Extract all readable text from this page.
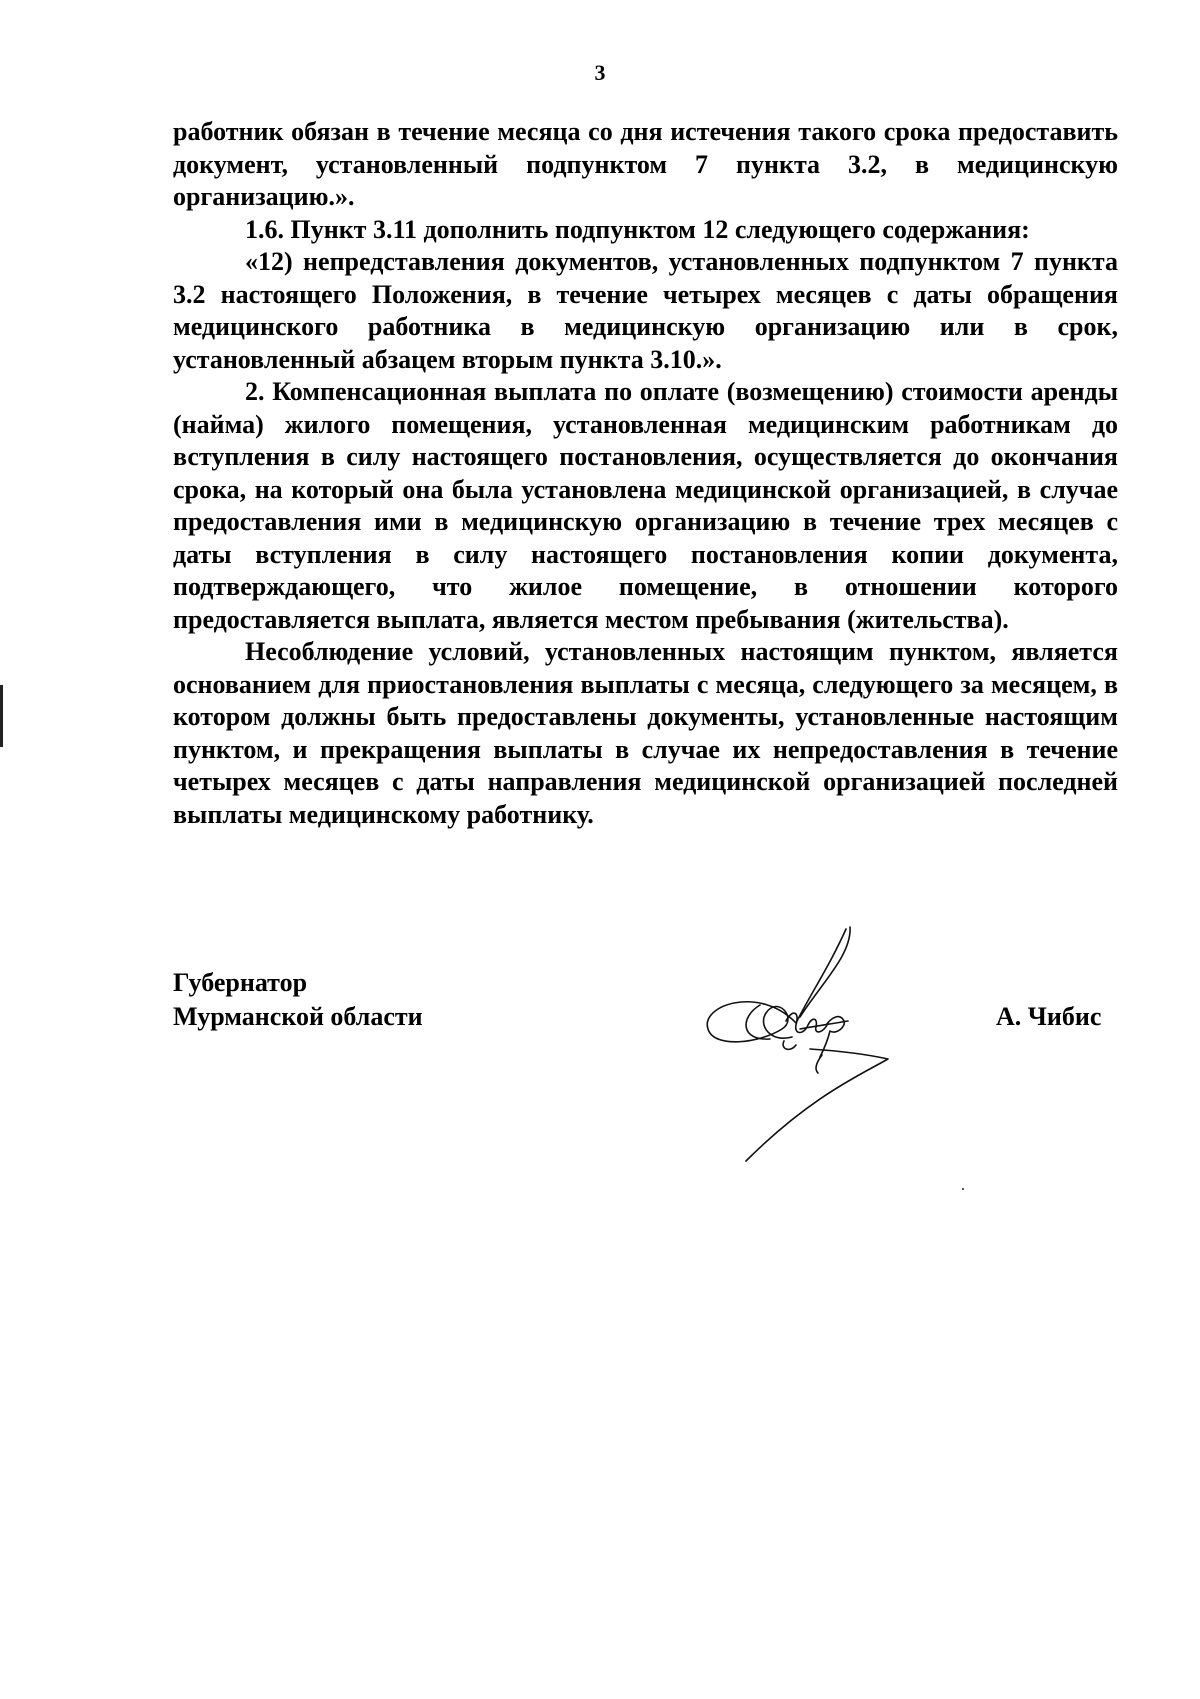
3

работник обязан в течение месяца со дня истечения такого срока предоставить документ, установленный подпунктом 7 пункта 3.2, в медицинскую организацию.».

1.6. Пункт 3.11 дополнить подпунктом 12 следующего содержания:

«12) непредставления документов, установленных подпунктом 7 пункта 3.2 настоящего Положения, в течение четырех месяцев с даты обращения медицинского работника в медицинскую организацию или в срок, установленный абзацем вторым пункта 3.10.».

2. Компенсационная выплата по оплате (возмещению) стоимости аренды (найма) жилого помещения, установленная медицинским работникам до вступления в силу настоящего постановления, осуществляется до окончания срока, на который она была установлена медицинской организацией, в случае предоставления ими в медицинскую организацию в течение трех месяцев с даты вступления в силу настоящего постановления копии документа, подтверждающего, что жилое помещение, в отношении которого предоставляется выплата, является местом пребывания (жительства).

Несоблюдение условий, установленных настоящим пунктом, является основанием для приостановления выплаты с месяца, следующего за месяцем, в котором должны быть предоставлены документы, установленные настоящим пунктом, и прекращения выплаты в случае их непредоставления в течение четырех месяцев с даты направления медицинской организацией последней выплаты медицинскому работнику.

Губернатор
Мурманской области	А. Чибис
